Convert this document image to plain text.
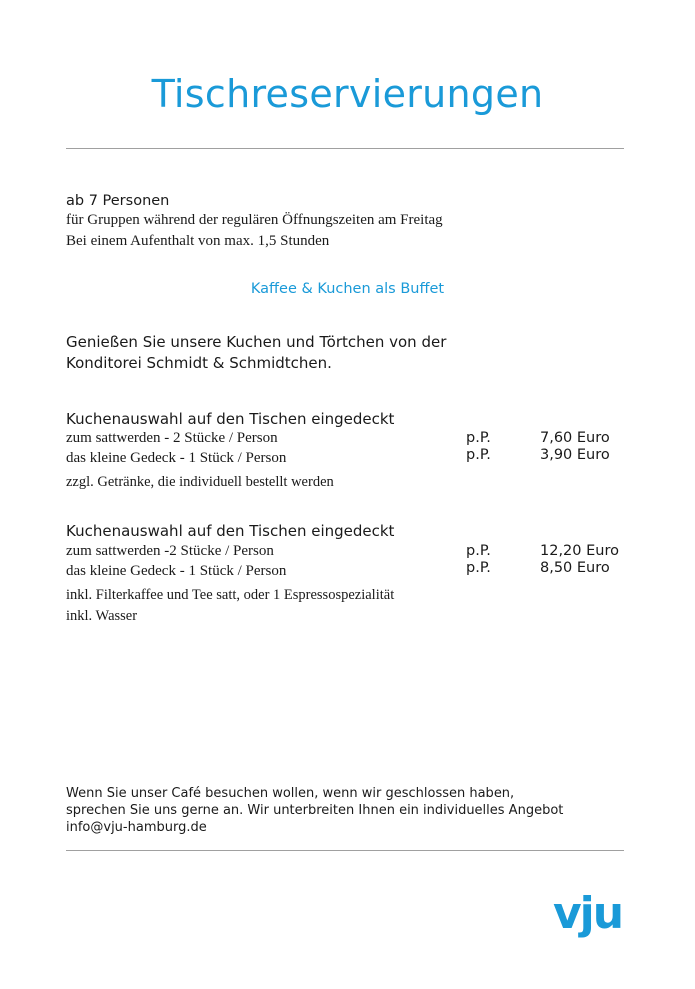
Tischreservierungen
ab 7 Personen
für Gruppen während der regulären Öffnungszeiten am Freitag
Bei einem Aufenthalt von max. 1,5 Stunden
Kaffee & Kuchen als Buffet
Genießen Sie unsere Kuchen und Törtchen von der
Konditorei Schmidt & Schmidtchen.
Kuchenauswahl auf den Tischen eingedeckt
zum sattwerden - 2 Stücke / Person	p.P.	7,60 Euro
das kleine Gedeck - 1 Stück / Person	p.P.	3,90 Euro
zzgl. Getränke, die individuell bestellt werden
Kuchenauswahl auf den Tischen eingedeckt
zum sattwerden -2 Stücke / Person	p.P.	12,20 Euro
das kleine Gedeck - 1 Stück / Person	p.P.	8,50 Euro
inkl. Filterkaffee und Tee satt, oder 1 Espressospezialität
inkl. Wasser
Wenn Sie unser Café besuchen wollen, wenn wir geschlossen haben,
sprechen Sie uns gerne an. Wir unterbreiten Ihnen ein individuelles Angebot
info@vju-hamburg.de
vju
